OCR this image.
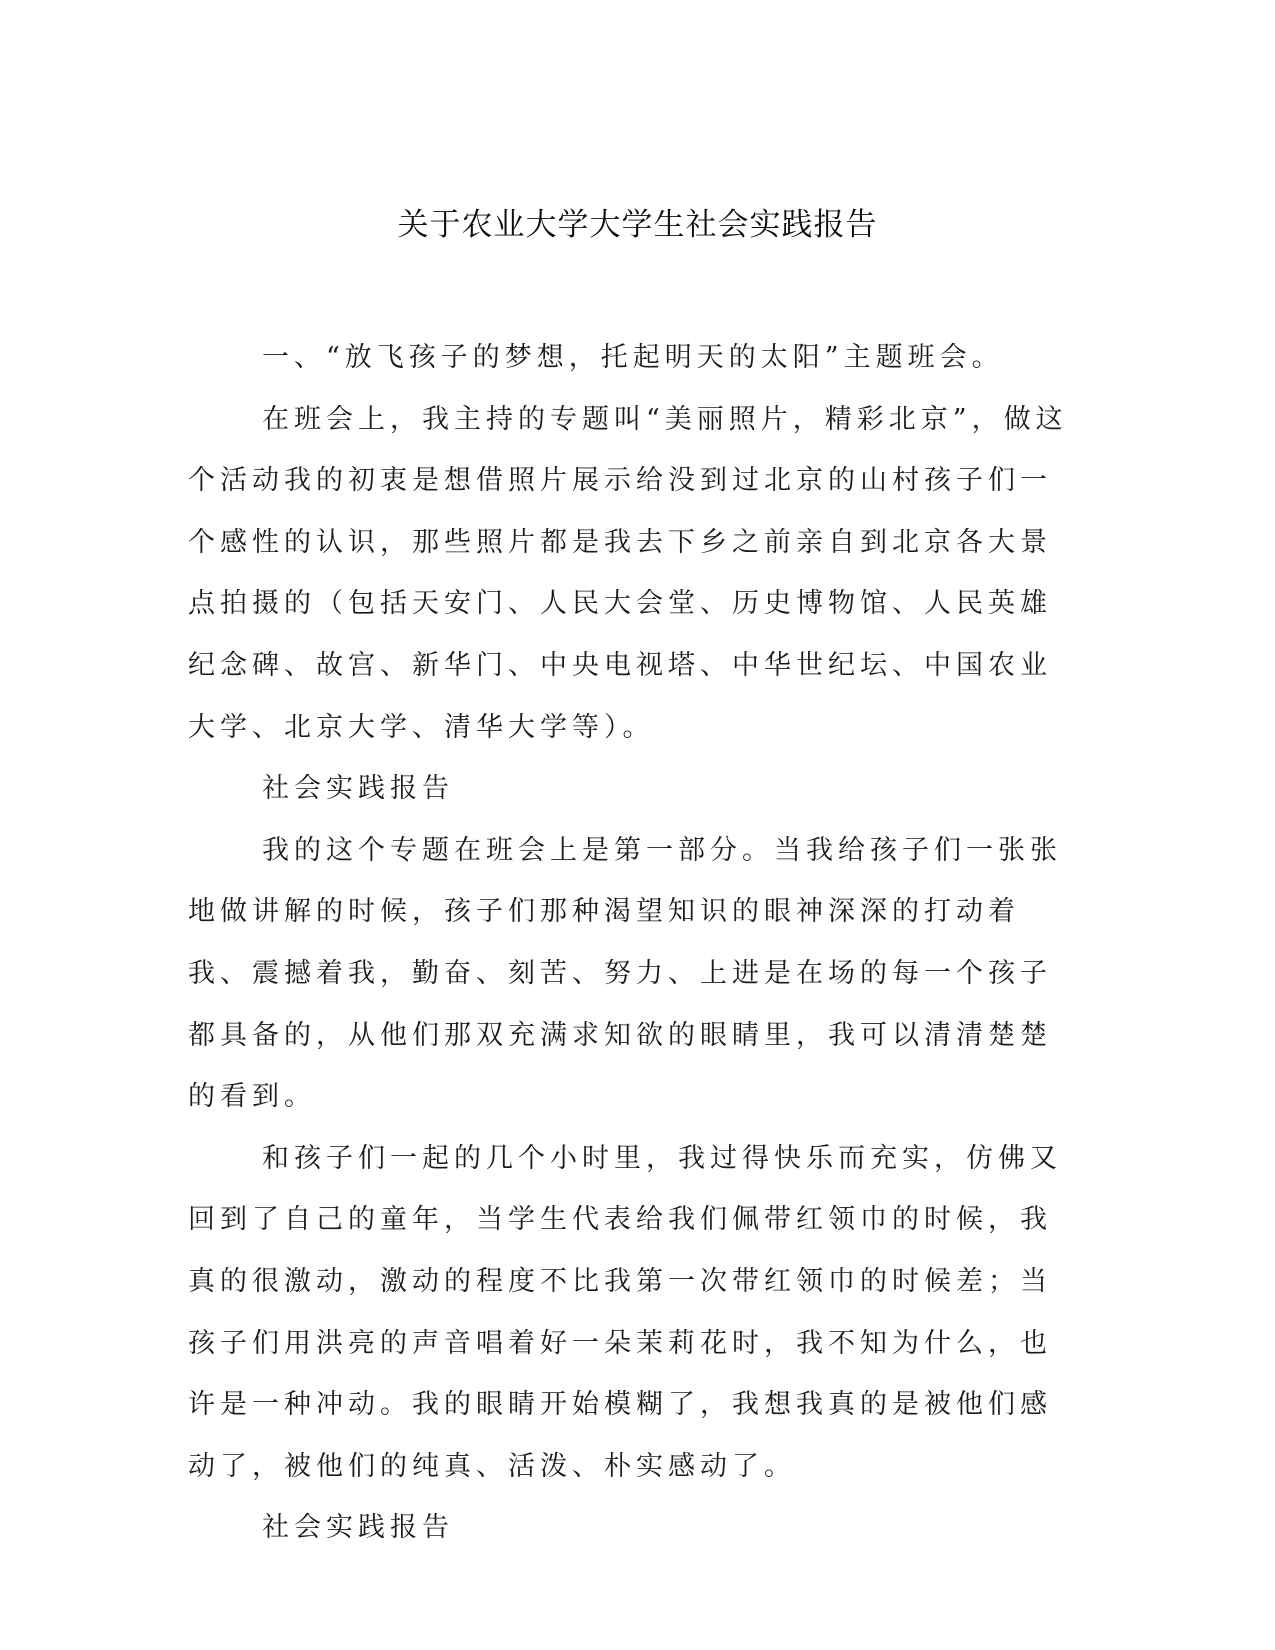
关于农业大学大学生社会实践报告

一、“放飞孩子的梦想，托起明天的太阳”主题班会。

在班会上，我主持的专题叫“美丽照片，精彩北京”，做这个活动我的初衷是想借照片展示给没到过北京的山村孩子们一个感性的认识，那些照片都是我去下乡之前亲自到北京各大景点拍摄的（包括天安门、人民大会堂、历史博物馆、人民英雄纪念碑、故宫、新华门、中央电视塔、中华世纪坛、中国农业大学、北京大学、清华大学等）。

社会实践报告

我的这个专题在班会上是第一部分。当我给孩子们一张张地做讲解的时候，孩子们那种渴望知识的眼神深深的打动着我、震撼着我，勤奋、刻苦、努力、上进是在场的每一个孩子都具备的，从他们那双充满求知欲的眼睛里，我可以清清楚楚的看到。

和孩子们一起的几个小时里，我过得快乐而充实，仿佛又回到了自己的童年，当学生代表给我们佩带红领巾的时候，我真的很激动，激动的程度不比我第一次带红领巾的时候差；当孩子们用洪亮的声音唱着好一朵茉莉花时，我不知为什么，也许是一种冲动。我的眼睛开始模糊了，我想我真的是被他们感动了，被他们的纯真、活泼、朴实感动了。

社会实践报告
